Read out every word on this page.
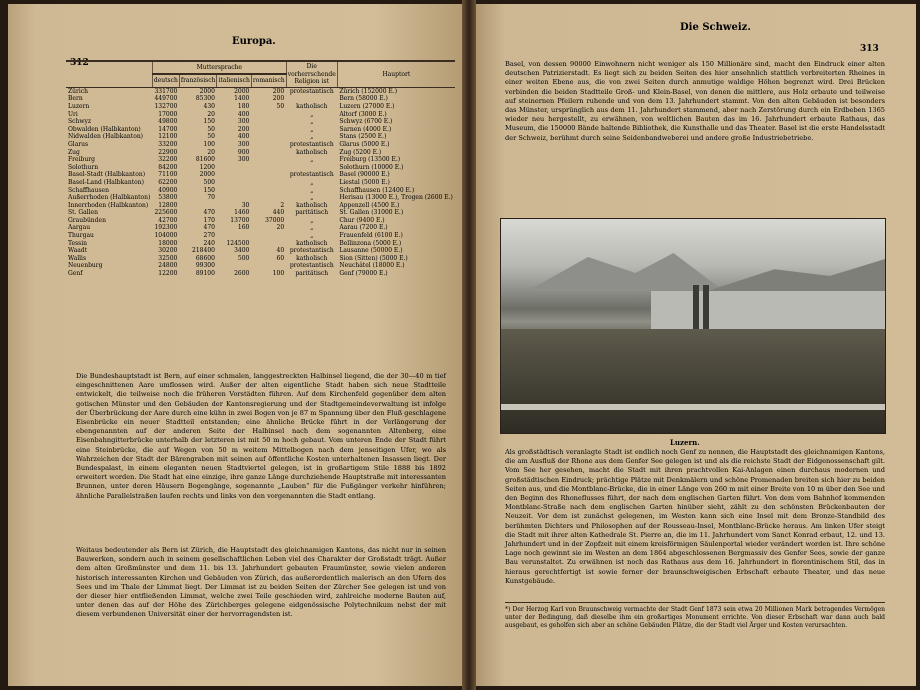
312
Europa.
	Muttersprache				Die vorherrschende Religion ist	Hauptort
	deutsch	französisch	italienisch	romanisch		
Zürich	331700	2000	2000	200	protestantisch	Zürich (152000 E.)
Bern	449700	85300	1400	200		Bern (58000 E.)
Luzern	132700	430	180	50	katholisch	Luzern (27000 E.)
Uri	17000	20	400		„	Altorf (3000 E.)
Schwyz	49800	150	300		„	Schwyz (6700 E.)
Obwalden (Halbkanton)	14700	50	200		„	Sarnen (4000 E.)
Nidwalden (Halbkanton)	12100	50	400		„	Stans (2500 E.)
Glarus	33200	100	300		protestantisch	Glarus (5000 E.)
Zug	22900	20	900		katholisch	Zug (5200 E.)
Freiburg	32200	81600	300		„	Freiburg (13500 E.)
Solothurn	84200	1200				Solothurn (10000 E.)
Basel-Stadt (Halbkanton)	71100	2000			protestantisch	Basel (90000 E.)
Basel-Land (Halbkanton)	62200	500			„	Liestal (5000 E.)
Schaffhausen	40900	150			„	Schaffhausen (12400 E.)
Außerrhoden (Halbkanton)	53800	70			„	Herisau (13000 E.), Trogen (2600 E.)
Innerrhoden (Halbkanton)	12800		30	2	katholisch	Appenzell (4500 E.)
St. Gallen	225600	470	1460	440	paritätisch	St. Gallen (31000 E.)
Graubünden	42700	170	13700	37000	„	Chur (9400 E.)
Aargau	192300	470	160	20	„	Aarau (7200 E.)
Thurgau	104000	270			„	Frauenfeld (6100 E.)
Tessin	18000	240	124500		katholisch	Bellinzona (5000 E.)
Waadt	30200	218400	3400	40	protestantisch	Lausanne (50000 E.)
Wallis	32500	68600	500	60	katholisch	Sion (Sitten) (5000 E.)
Neuenburg	24800	99300			protestantisch	Neuchâtel (18000 E.)
Genf	12200	89100	2600	100	paritätisch	Genf (79000 E.)
Die Bundeshauptstadt ist Bern, auf einer schmalen, langgestreckten Halbinsel liegend, die der 30—40 m tief eingeschnittenen Aare umflossen wird. Außer der alten eigentliche Stadt haben sich neue Stadtteile entwickelt, die teilweise noch die früheren Vorstädten führen. Auf dem Kirchenfeld gegenüber dem alten gotischen Münster und den Gebäuden der Kantonsregierung und der Stadtgemeindeverwaltung ist infolge der Überbrückung der Aare durch eine kühn in zwei Bogen von je 87 m Spannung über den Fluß geschlagene Eisenbrücke ein neuer Stadtteil entstanden; eine ähnliche Brücke führt in der Verlängerung der ebengenannten auf der anderen Seite der Halbinsel nach dem sogenannten Altenberg, eine Eisenbahngitterbrücke unterhalb der letzteren ist mit 50 m hoch gebaut. Vom unteren Ende der Stadt führt eine Steinbrücke, die auf Wegen von 50 m weitem Mittelbogen nach dem jenseitigen Ufer, wo als Wahrzeichen der Stadt der Bärengraben mit seinen auf öffentliche Kosten unterhaltenen Insassen liegt. Der Bundespalast, in einem eleganten neuen Stadtviertel gelegen, ist in großartigem Stile 1888 bis 1892 erweitert worden. Die Stadt hat eine einzige, ihre ganze Länge durchziehende Hauptstraße mit interessanten Brunnen, unter deren Häusern Bogengänge, sogenannte „Lauben“ für die Fußgänger verkehr hinführen; ähnliche Parallelstraßen laufen rechts und links von den vorgenannten die Stadt entlang.
Weitaus bedeutender als Bern ist Zürich, die Hauptstadt des gleichnamigen Kantons, das nicht nur in seinen Bauwerken, sondern auch in seinem gesellschaftlichen Leben viel des Charakter der Großstadt trägt. Außer dem alten Großmünster und dem 11. bis 13. Jahrhundert gebauten Fraumünster, sowie vielen anderen historisch interessanten Kirchen und Gebäuden von Zürich, das außerordentlich malerisch an den Ufern des Sees und im Thale der Limmat liegt. Der Limmat ist zu beiden Seiten der Zürcher See gelegen ist und von der dieser hier entfließenden Limmat, welche zwei Teile geschieden wird, zahlreiche moderne Bauten auf, unter denen das auf der Höhe des Zürichberges gelegene eidgenössische Polytechnikum nebst der mit diesem verbundenen Universität einer der hervorragendsten ist.
Die Schweiz.
313
Basel, von dessen 90000 Einwohnern nicht weniger als 150 Millionäre sind, macht den Eindruck einer alten deutschen Patrizierstadt. Es liegt sich zu beiden Seiten des hier ansehnlich stattlich verbreiterten Rheines in einer weiten Ebene aus, die von zwei Seiten durch anmutige waldige Höhen begrenzt wird. Drei Brücken verbinden die beiden Stadtteile Groß- und Klein-Basel, von denen die mittlere, aus Holz erbaute und teilweise auf steinernen Pfeilern ruhende und von dem 13. Jahrhundert stammt. Von den alten Gebäuden ist besonders das Münster, ursprünglich aus dem 11. Jahrhundert stammend, aber nach Zerstörung durch ein Erdbeben 1365 wieder neu hergestellt, zu erwähnen, von weltlichen Bauten das im 16. Jahrhundert erbaute Rathaus, das Museum, die 150000 Bände haltende Bibliothek, die Kunsthalle und das Theater. Basel ist die erste Handelsstadt der Schweiz, berühmt durch seine Seidenbandweberei und andere große Industriebetriebe.
Luzern.
Als großstädtisch veranlagte Stadt ist endlich noch Genf zu nennen, die Hauptstadt des gleichnamigen Kantons, die am Ausfluß der Rhone aus dem Genfer See gelegen ist und als die reichste Stadt der Eidgenossenschaft gilt. Vom See her gesehen, macht die Stadt mit ihren prachtvollen Kai-Anlagen einen durchaus modernen und großstädtischen Eindruck; prächtige Plätze mit Denkmälern und schöne Promenaden breiten sich hier zu beiden Seiten aus, und die Montblanc-Brücke, die in einer Länge von 260 m mit einer Breite von 10 m über den See und den Beginn des Rhoneflusses führt, der nach dem englischen Garten führt. Von dem vom Bahnhof kommenden Montblanc-Straße nach dem englischen Garten hinüber sieht, zählt zu den schönsten Brückenbauten der Neuzeit. Vor dem ist zunächst gelegenen, im Westen kann sich eine Insel mit dem Bronze-Standbild des berühmten Dichters und Philosophen auf der Rousseau-Insel, Montblanc-Brücke heraus. Am linken Ufer steigt die Stadt mit ihrer alten Kathedrale St. Pierre an, die im 11. Jahrhundert vom Sanct Konrad erbaut, 12. und 13. Jahrhundert und in der Zopfzeit mit einem kreisförmigen Säulenportal wieder verändert worden ist. Ihre schöne Lage noch gewinnt sie im Westen an dem 1864 abgeschlossenen Bergmassiv des Genfer Sees, sowie der ganze Bau verunstaltet. Zu erwähnen ist noch das Rathaus aus dem 16. Jahrhundert in florentinischem Stil, das in hieraus gerechtfertigt ist sowie ferner der braunschweigischen Erbschaft erbaute Theater, und das neue Kunstgebäude.
*) Der Herzog Karl von Braunschweig vermachte der Stadt Genf 1873 sein etwa 20 Millionen Mark betragendes Vermögen unter der Bedingung, daß dieselbe ihm ein großartiges Monument errichte. Von dieser Erbschaft war dann auch bald ausgebaut, es geholfen sich aber an schöne Gebäuden Plätze, die der Stadt viel Ärger und Kosten verursachten.
